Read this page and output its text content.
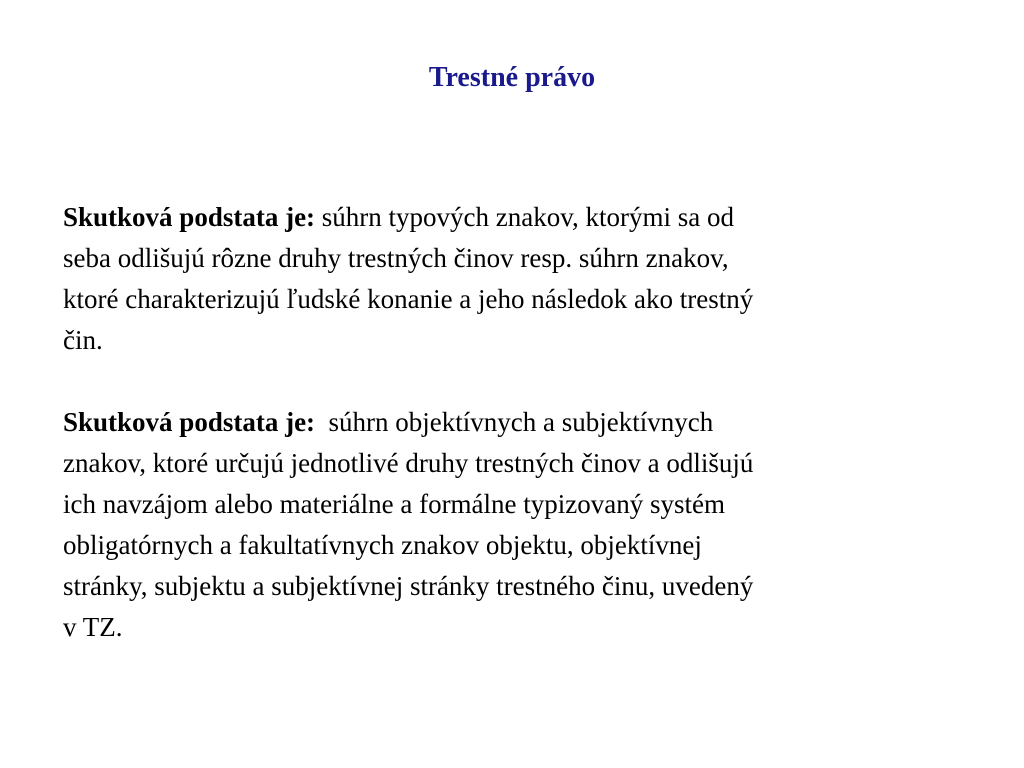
Trestné právo

Skutková podstata je: súhrn typových znakov, ktorými sa od
seba odlišujú rôzne druhy trestných činov resp. súhrn znakov,
ktoré charakterizujú ľudské konanie a jeho následok ako trestný
čin.

Skutková podstata je: súhrn objektívnych a subjektívnych
znakov, ktoré určujú jednotlivé druhy trestných činov a odlišujú
ich navzájom alebo materiálne a formálne typizovaný systém
obligatórnych a fakultatívnych znakov objektu, objektívnej
stránky, subjektu a subjektívnej stránky trestného činu, uvedený
v TZ.
